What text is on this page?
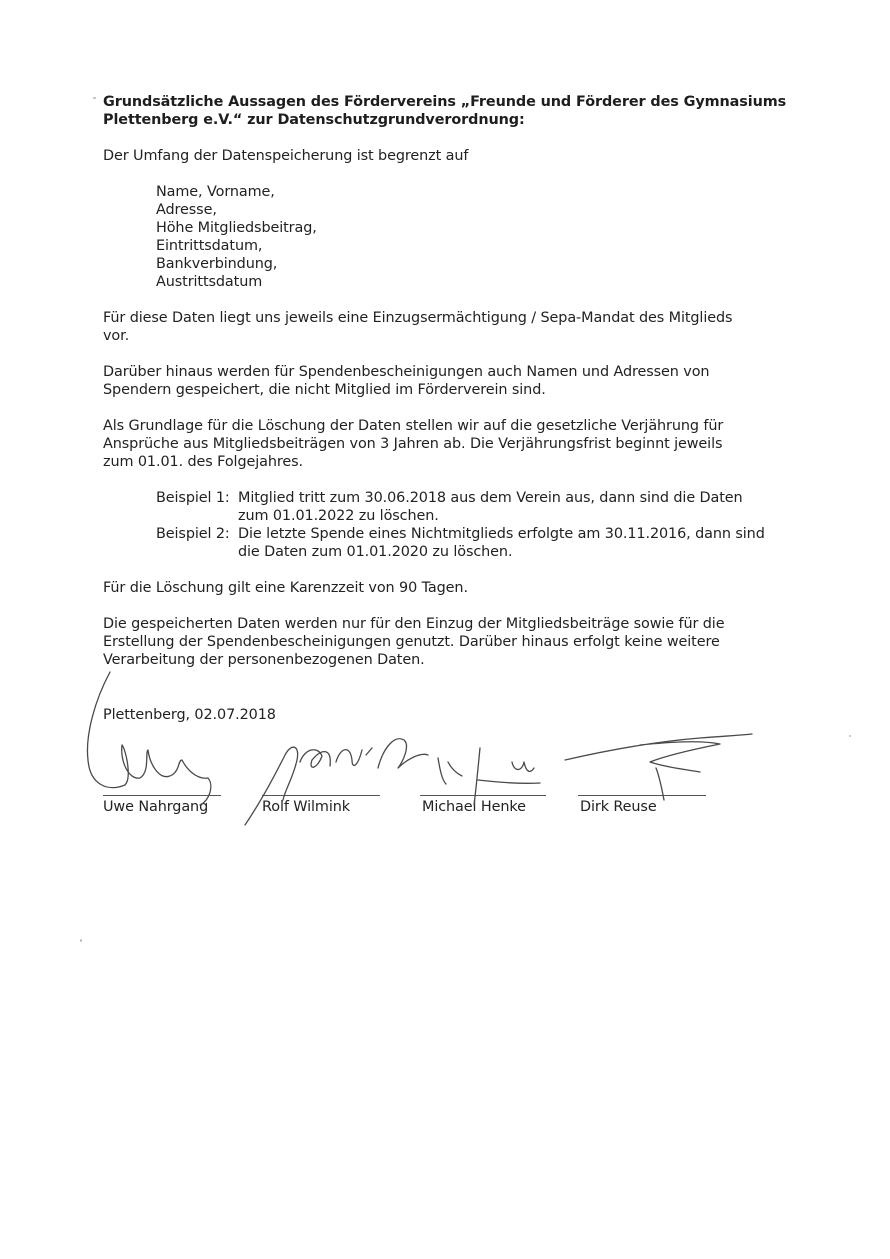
Grundsätzliche Aussagen des Fördervereins „Freunde und Förderer des Gymnasiums
Plettenberg e.V.“ zur Datenschutzgrundverordnung:
Der Umfang der Datenspeicherung ist begrenzt auf
Name, Vorname,
Adresse,
Höhe Mitgliedsbeitrag,
Eintrittsdatum,
Bankverbindung,
Austrittsdatum
Für diese Daten liegt uns jeweils eine Einzugsermächtigung / Sepa-Mandat des Mitglieds
vor.
Darüber hinaus werden für Spendenbescheinigungen auch Namen und Adressen von
Spendern gespeichert, die nicht Mitglied im Förderverein sind.
Als Grundlage für die Löschung der Daten stellen wir auf die gesetzliche Verjährung für
Ansprüche aus Mitgliedsbeiträgen von 3 Jahren ab. Die Verjährungsfrist beginnt jeweils
zum 01.01. des Folgejahres.
Beispiel 1: Mitglied tritt zum 30.06.2018 aus dem Verein aus, dann sind die Daten
zum 01.01.2022 zu löschen.
Beispiel 2: Die letzte Spende eines Nichtmitglieds erfolgte am 30.11.2016, dann sind
die Daten zum 01.01.2020 zu löschen.
Für die Löschung gilt eine Karenzzeit von 90 Tagen.
Die gespeicherten Daten werden nur für den Einzug der Mitgliedsbeiträge sowie für die
Erstellung der Spendenbescheinigungen genutzt. Darüber hinaus erfolgt keine weitere
Verarbeitung der personenbezogenen Daten.
Plettenberg, 02.07.2018
Uwe Nahrgang	Rolf Wilmink	Michael Henke	Dirk Reuse
